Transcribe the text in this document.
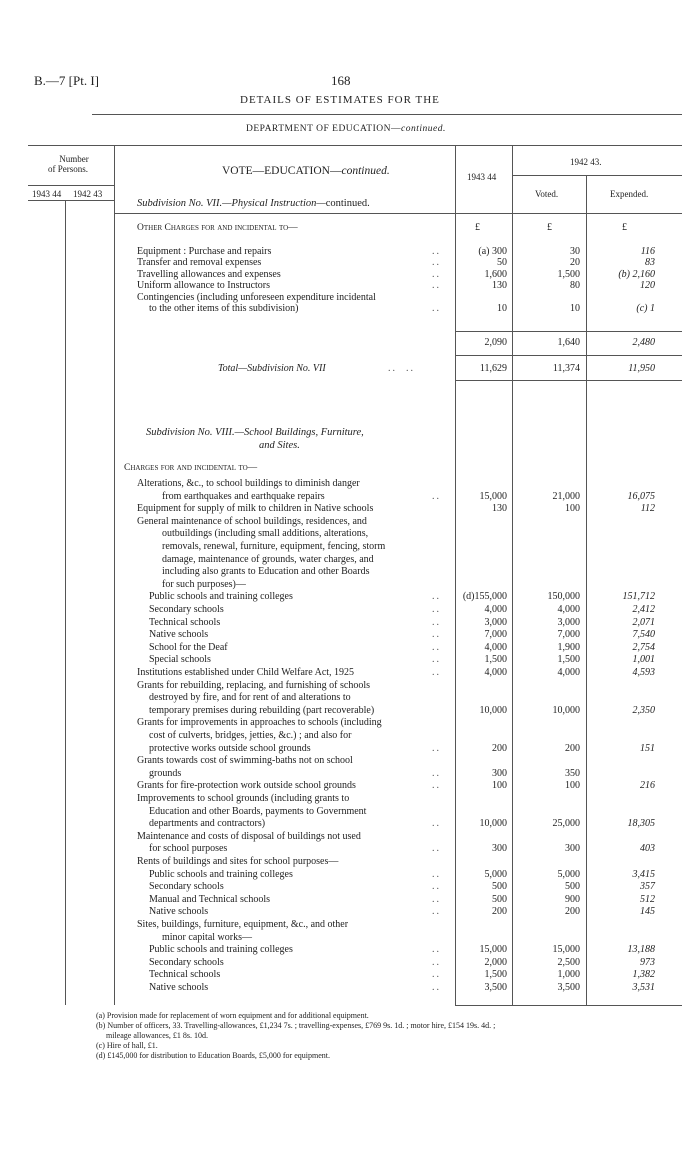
B.—7 [Pt. I]	168
DETAILS OF ESTIMATES FOR THE
DEPARTMENT OF EDUCATION—continued.
Number
of Persons.
1943 44 1942 43
VOTE—EDUCATION—continued.	1943 44
1942 43.
Voted.	Expended.
Subdivision No. VII.—Physical Instruction—continued.
Other Charges for and incidental to—	£	£	£
Equipment : Purchase and repairs	..	(a) 300	30	116
Transfer and removal expenses	..	50	20	83
Travelling allowances and expenses	..	1,600	1,500	(b) 2,160
Uniform allowance to Instructors	..	130	80	120
Contingencies (including unforeseen expenditure incidental
to the other items of this subdivision)	..	10	10	(c) 1
2,090	1,640	2,480
Total—Subdivision No. VII	..  ..	11,629	11,374	11,950
Subdivision No. VIII.—School Buildings, Furniture,
and Sites.
Charges for and incidental to—
Alterations, &c., to school buildings to diminish danger
from earthquakes and earthquake repairs	..	15,000	21,000	16,075
Equipment for supply of milk to children in Native schools	130	100	112
General maintenance of school buildings, residences, and
outbuildings (including small additions, alterations,
removals, renewal, furniture, equipment, fencing, storm
damage, maintenance of grounds, water charges, and
including also grants to Education and other Boards
for such purposes)—
Public schools and training colleges	.. (d)155,000	150,000	151,712
Secondary schools	..	4,000	4,000	2,412
Technical schools	..	3,000	3,000	2,071
Native schools	..	7,000	7,000	7,540
School for the Deaf	..	4,000	1,900	2,754
Special schools	..	1,500	1,500	1,001
Institutions established under Child Welfare Act, 1925	..	4,000	4,000	4,593
Grants for rebuilding, replacing, and furnishing of schools
destroyed by fire, and for rent of and alterations to
temporary premises during rebuilding (part recoverable)	10,000	10,000	2,350
Grants for improvements in approaches to schools (including
cost of culverts, bridges, jetties, &c.) ; and also for
protective works outside school grounds	..	200	200	151
Grants towards cost of swimming-baths not on school
grounds	..	300	350
Grants for fire-protection work outside school grounds	..	100	100	216
Improvements to school grounds (including grants to
Education and other Boards, payments to Government
departments and contractors)	..	10,000	25,000	18,305
Maintenance and costs of disposal of buildings not used
for school purposes	..	300	300	403
Rents of buildings and sites for school purposes—
Public schools and training colleges	..	5,000	5,000	3,415
Secondary schools	..	500	500	357
Manual and Technical schools	..	500	900	512
Native schools	..	200	200	145
Sites, buildings, furniture, equipment, &c., and other
minor capital works—
Public schools and training colleges	..	15,000	15,000	13,188
Secondary schools	..	2,000	2,500	973
Technical schools	..	1,500	1,000	1,382
Native schools	..	3,500	3,500	3,531
(a) Provision made for replacement of worn equipment and for additional equipment.
(b) Number of officers, 33. Travelling-allowances, £1,234 7s. ; travelling-expenses, £769 9s. 1d. ; motor hire, £154 19s. 4d. ;
mileage allowances, £1 8s. 10d.
(c) Hire of hall, £1.
(d) £145,000 for distribution to Education Boards, £5,000 for equipment.
